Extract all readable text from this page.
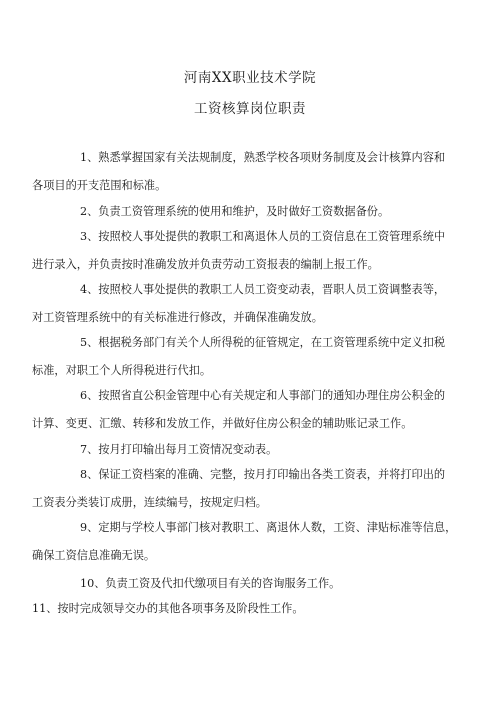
河南XX职业技术学院
工资核算岗位职责
1、熟悉掌握国家有关法规制度，熟悉学校各项财务制度及会计核算内容和
各项目的开支范围和标准。
2、负责工资管理系统的使用和维护，及时做好工资数据备份。
3、按照校人事处提供的教职工和离退休人员的工资信息在工资管理系统中
进行录入，并负责按时准确发放并负责劳动工资报表的编制上报工作。
4、按照校人事处提供的教职工人员工资变动表，晋职人员工资调整表等，
对工资管理系统中的有关标准进行修改，并确保准确发放。
5、根据税务部门有关个人所得税的征管规定，在工资管理系统中定义扣税
标准，对职工个人所得税进行代扣。
6、按照省直公积金管理中心有关规定和人事部门的通知办理住房公积金的
计算、变更、汇缴、转移和发放工作，并做好住房公积金的辅助账记录工作。
7、按月打印输出每月工资情况变动表。
8、保证工资档案的准确、完整，按月打印输出各类工资表，并将打印出的
工资表分类装订成册，连续编号，按规定归档。
9、定期与学校人事部门核对教职工、离退休人数，工资、津贴标准等信息，
确保工资信息准确无误。
10、负责工资及代扣代缴项目有关的咨询服务工作。
11、按时完成领导交办的其他各项事务及阶段性工作。
